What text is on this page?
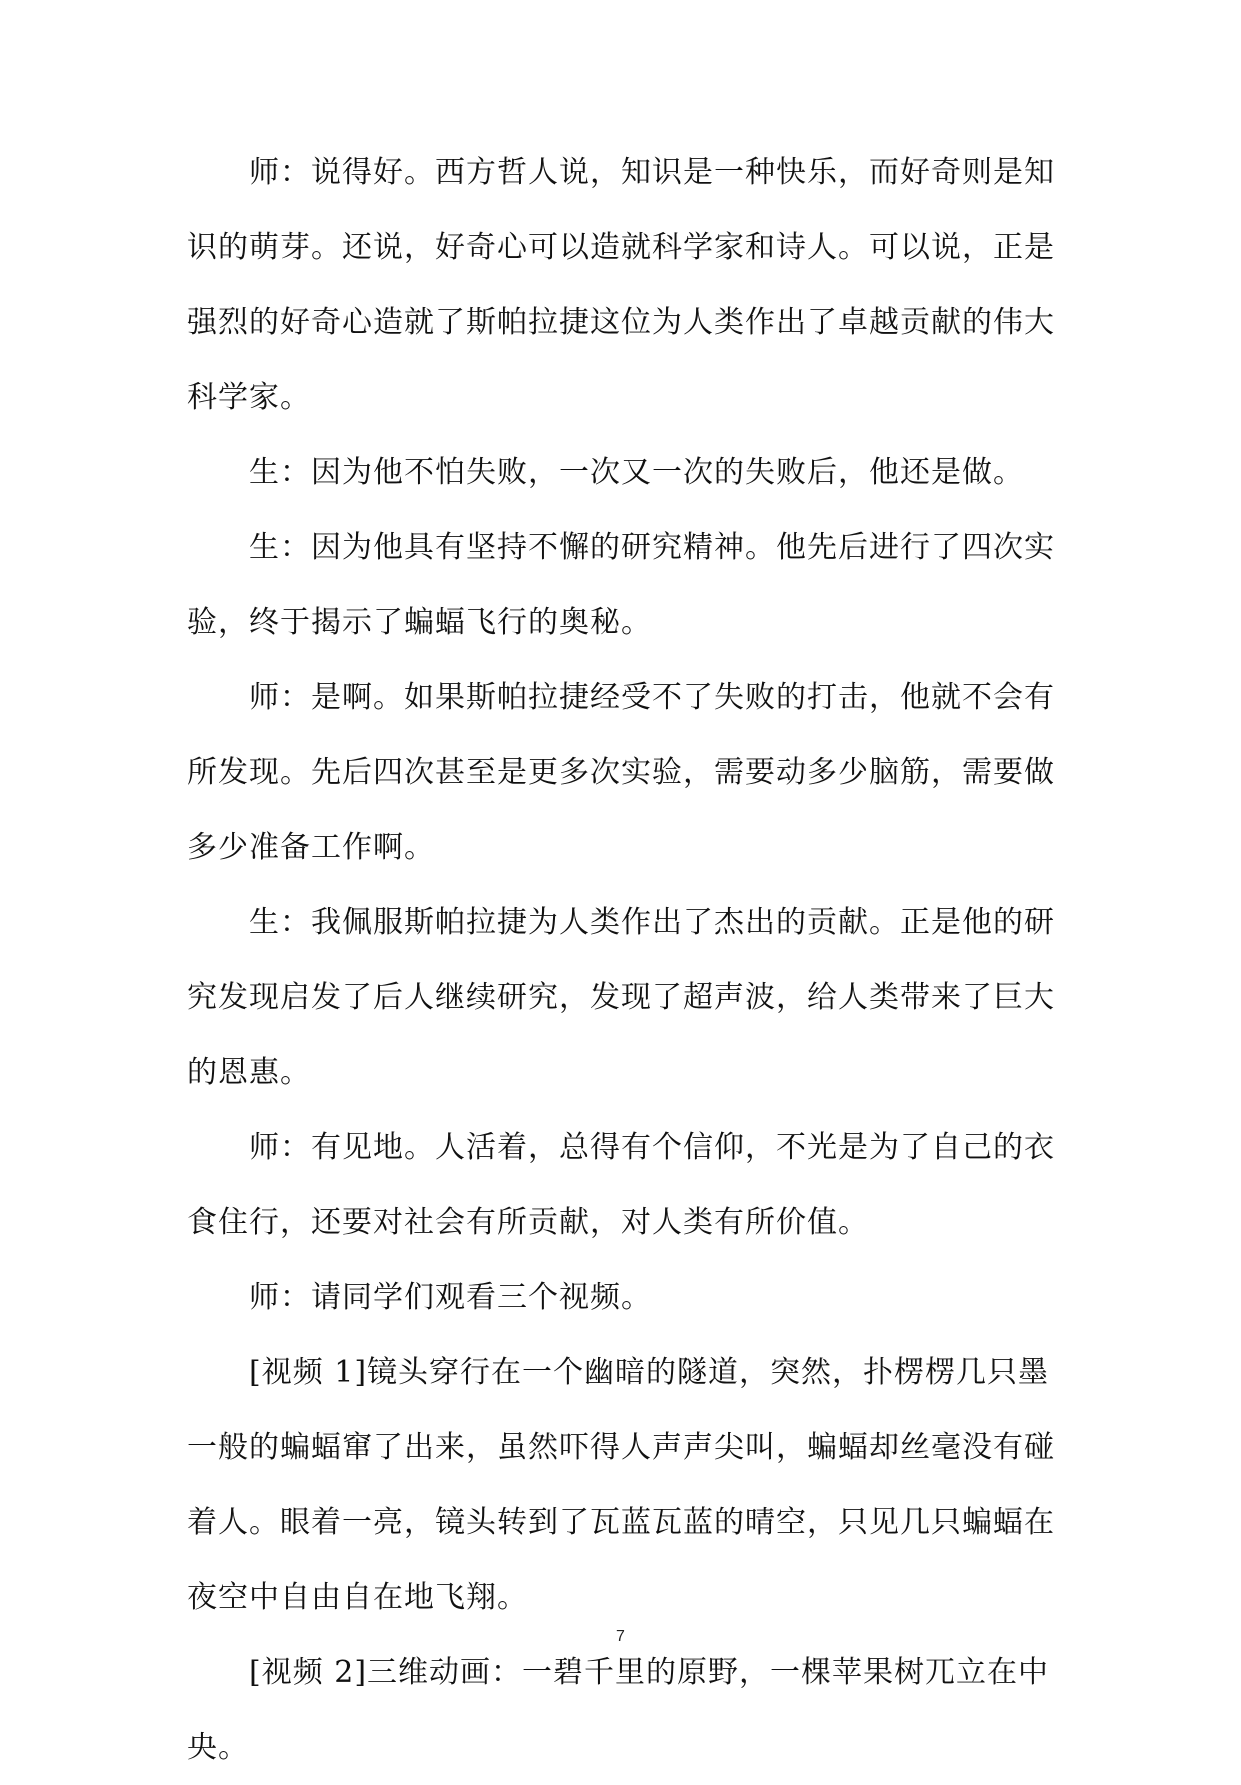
师：说得好。西方哲人说，知识是一种快乐，而好奇则是知识的萌芽。还说，好奇心可以造就科学家和诗人。可以说，正是强烈的好奇心造就了斯帕拉捷这位为人类作出了卓越贡献的伟大科学家。

生：因为他不怕失败，一次又一次的失败后，他还是做。

生：因为他具有坚持不懈的研究精神。他先后进行了四次实验，终于揭示了蝙蝠飞行的奥秘。

师：是啊。如果斯帕拉捷经受不了失败的打击，他就不会有所发现。先后四次甚至是更多次实验，需要动多少脑筋，需要做多少准备工作啊。

生：我佩服斯帕拉捷为人类作出了杰出的贡献。正是他的研究发现启发了后人继续研究，发现了超声波，给人类带来了巨大的恩惠。

师：有见地。人活着，总得有个信仰，不光是为了自己的衣食住行，还要对社会有所贡献，对人类有所价值。

师：请同学们观看三个视频。

[视频 1]镜头穿行在一个幽暗的隧道，突然，扑楞楞几只墨一般的蝙蝠窜了出来，虽然吓得人声声尖叫，蝙蝠却丝毫没有碰着人。眼着一亮，镜头转到了瓦蓝瓦蓝的晴空，只见几只蝙蝠在夜空中自由自在地飞翔。

[视频 2]三维动画：一碧千里的原野，一棵苹果树兀立在中央。

7
